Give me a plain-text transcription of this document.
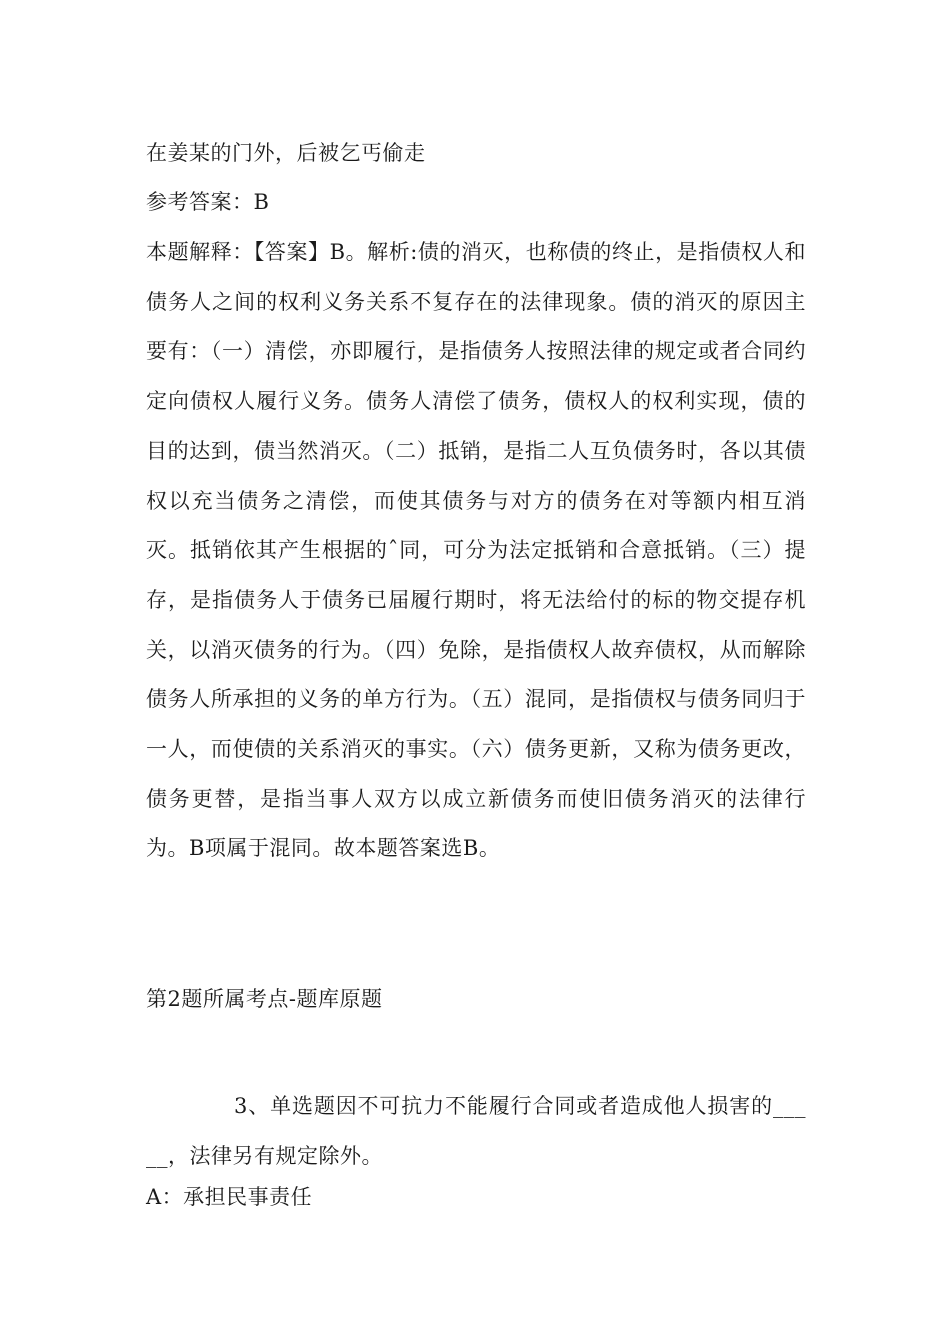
在姜某的门外，后被乞丐偷走
参考答案：B
本题解释：【答案】B。解析:债的消灭，也称债的终止，是指债权人和债务人之间的权利义务关系不复存在的法律现象。债的消灭的原因主要有：（一）清偿，亦即履行，是指债务人按照法律的规定或者合同约定向债权人履行义务。债务人清偿了债务，债权人的权利实现，债的目的达到，债当然消灭。（二）抵销，是指二人互负债务时，各以其债权以充当债务之清偿，而使其债务与对方的债务在对等额内相互消灭。抵销依其产生根据的ˆ同，可分为法定抵销和合意抵销。（三）提存，是指债务人于债务已届履行期时，将无法给付的标的物交提存机关，以消灭债务的行为。（四）免除，是指债权人故弃债权，从而解除债务人所承担的义务的单方行为。（五）混同，是指债权与债务同归于一人，而使债的关系消灭的事实。（六）债务更新，又称为债务更改，债务更替，是指当事人双方以成立新债务而使旧债务消灭的法律行为。B项属于混同。故本题答案选B。
第2题所属考点-题库原题
3、单选题因不可抗力不能履行合同或者造成他人损害的_____，法律另有规定除外。
A：承担民事责任
